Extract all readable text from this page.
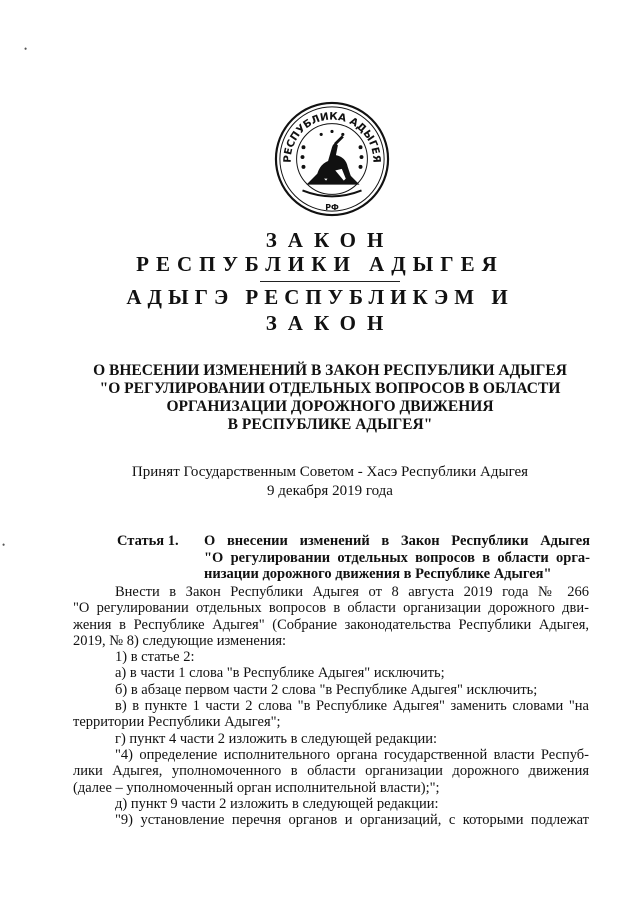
РЕСПУБЛИКА АДЫГЕЯ
РФ
ЗАКОН
РЕСПУБЛИКИ АДЫГЕЯ
АДЫГЭ РЕСПУБЛИКЭМ И
ЗАКОН
О ВНЕСЕНИИ ИЗМЕНЕНИЙ В ЗАКОН РЕСПУБЛИКИ АДЫГЕЯ
"О РЕГУЛИРОВАНИИ ОТДЕЛЬНЫХ ВОПРОСОВ В ОБЛАСТИ
ОРГАНИЗАЦИИ ДОРОЖНОГО ДВИЖЕНИЯ
В РЕСПУБЛИКЕ АДЫГЕЯ"
Принят Государственным Советом - Хасэ Республики Адыгея
9 декабря 2019 года
•
•	Статья 1. О внесении изменений в Закон Республики Адыгея
"О регулировании отдельных вопросов в области орга-
низации дорожного движения в Республике Адыгея"
Внести в Закон Республики Адыгея от 8 августа 2019 года № 266
"О регулировании отдельных вопросов в области организации дорожного дви-
жения в Республике Адыгея" (Собрание законодательства Республики Адыгея,
2019, № 8) следующие изменения:
1) в статье 2:
а) в части 1 слова "в Республике Адыгея" исключить;
б) в абзаце первом части 2 слова "в Республике Адыгея" исключить;
в) в пункте 1 части 2 слова "в Республике Адыгея" заменить словами "на
территории Республики Адыгея";
г) пункт 4 части 2 изложить в следующей редакции:
"4) определение исполнительного органа государственной власти Респуб-
лики Адыгея, уполномоченного в области организации дорожного движения
(далее – уполномоченный орган исполнительной власти);";
д) пункт 9 части 2 изложить в следующей редакции:
"9) установление перечня органов и организаций, с которыми подлежат
